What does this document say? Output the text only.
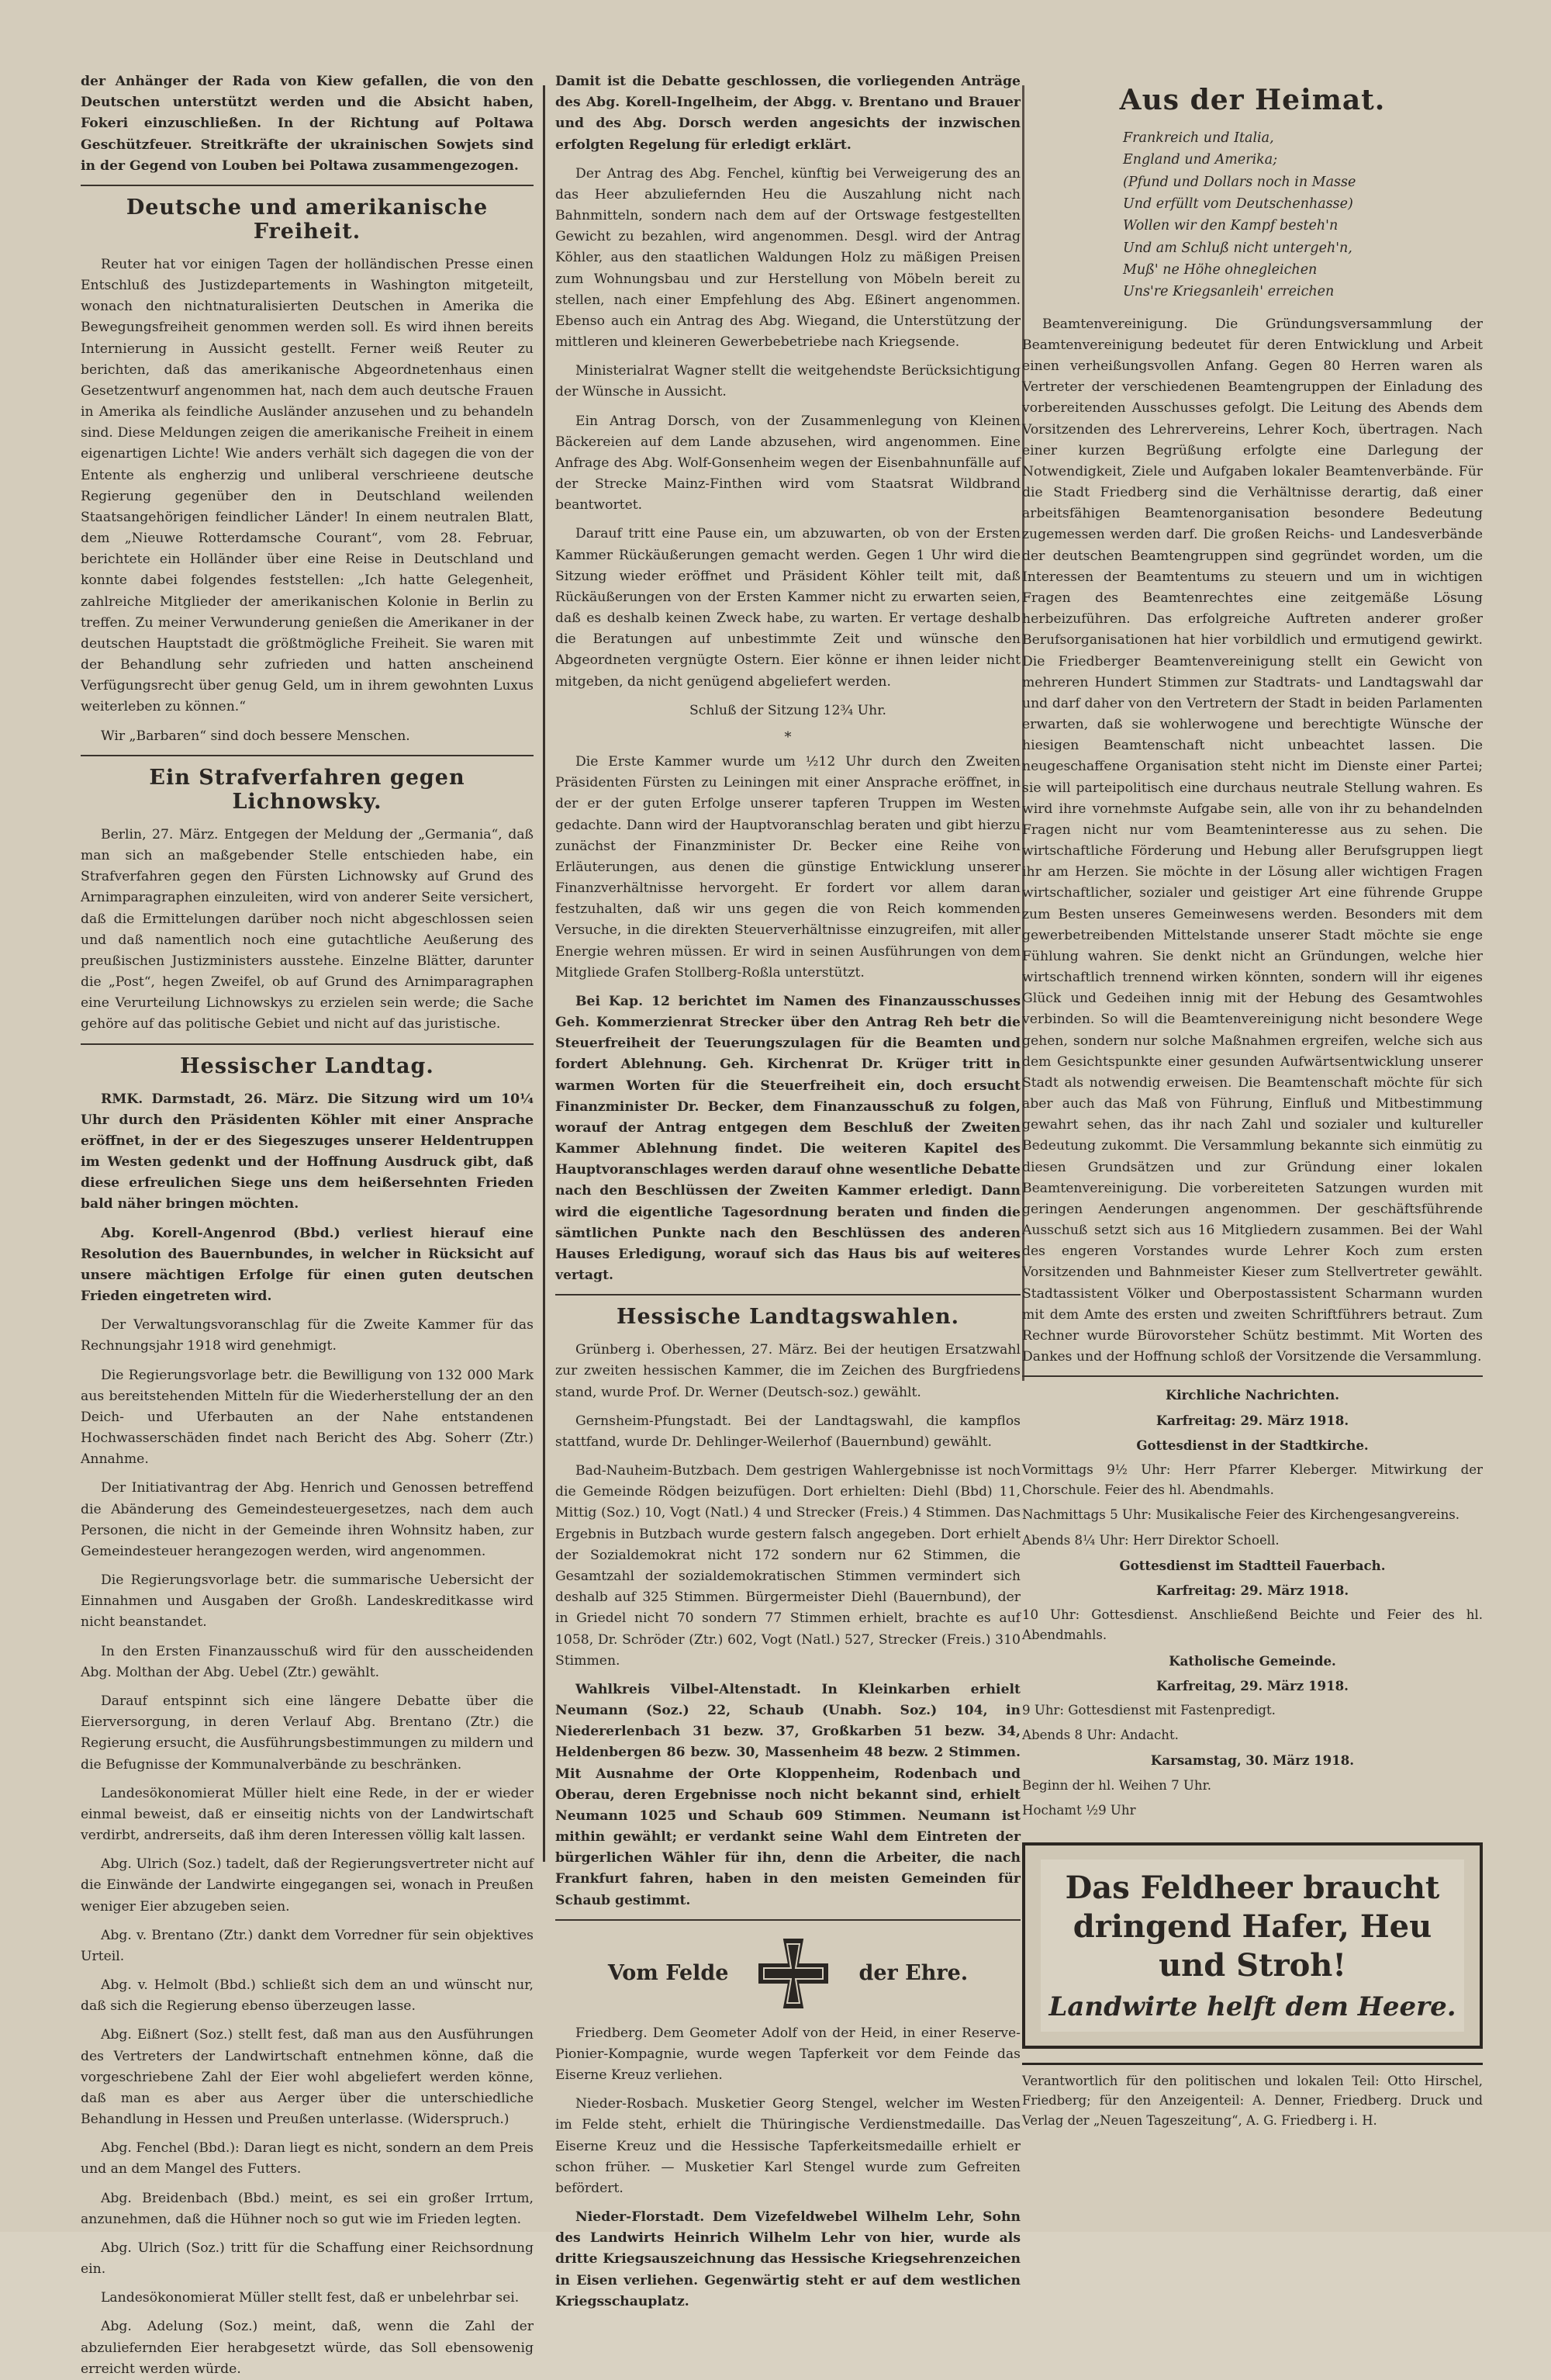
der Anhänger der Rada von Kiew gefallen, die von den Deutschen unterstützt werden und die Absicht haben, Fokeri einzuschließen. In der Richtung auf Poltawa Geschützfeuer. Streitkräfte der ukrainischen Sowjets sind in der Gegend von Louben bei Poltawa zusammengezogen.

Deutsche und amerikanische Freiheit.

Reuter hat vor einigen Tagen der holländischen Presse einen Entschluß des Justizdepartements in Washington mitgeteilt, wonach den nichtnaturalisierten Deutschen in Amerika die Bewegungsfreiheit genommen werden soll. Es wird ihnen bereits Internierung in Aussicht gestellt. Ferner weiß Reuter zu berichten, daß das amerikanische Abgeordnetenhaus einen Gesetzentwurf angenommen hat, nach dem auch deutsche Frauen in Amerika als feindliche Ausländer anzusehen und zu behandeln sind. Diese Meldungen zeigen die amerikanische Freiheit in einem eigenartigen Lichte! Wie anders verhält sich dagegen die von der Entente als engherzig und unliberal verschrieene deutsche Regierung gegenüber den in Deutschland weilenden Staatsangehörigen feindlicher Länder! In einem neutralen Blatt, dem „Nieuwe Rotterdamsche Courant“, vom 28. Februar, berichtete ein Holländer über eine Reise in Deutschland und konnte dabei folgendes feststellen: „Ich hatte Gelegenheit, zahlreiche Mitglieder der amerikanischen Kolonie in Berlin zu treffen. Zu meiner Verwunderung genießen die Amerikaner in der deutschen Hauptstadt die größtmögliche Freiheit. Sie waren mit der Behandlung sehr zufrieden und hatten anscheinend Verfügungsrecht über genug Geld, um in ihrem gewohnten Luxus weiterleben zu können.“

Wir „Barbaren“ sind doch bessere Menschen.

Ein Strafverfahren gegen Lichnowsky.

Berlin, 27. März. Entgegen der Meldung der „Germania“, daß man sich an maßgebender Stelle entschieden habe, ein Strafverfahren gegen den Fürsten Lichnowsky auf Grund des Arnimparagraphen einzuleiten, wird von anderer Seite versichert, daß die Ermittelungen darüber noch nicht abgeschlossen seien und daß namentlich noch eine gutachtliche Aeußerung des preußischen Justizministers ausstehe. Einzelne Blätter, darunter die „Post“, hegen Zweifel, ob auf Grund des Arnimparagraphen eine Verurteilung Lichnowskys zu erzielen sein werde; die Sache gehöre auf das politische Gebiet und nicht auf das juristische.

Hessischer Landtag.

RMK. Darmstadt, 26. März. Die Sitzung wird um 10¼ Uhr durch den Präsidenten Köhler mit einer Ansprache eröffnet, in der er des Siegeszuges unserer Heldentruppen im Westen gedenkt und der Hoffnung Ausdruck gibt, daß diese erfreulichen Siege uns dem heißersehnten Frieden bald näher bringen möchten.

Abg. Korell-Angenrod (Bbd.) verliest hierauf eine Resolution des Bauernbundes, in welcher in Rücksicht auf unsere mächtigen Erfolge für einen guten deutschen Frieden eingetreten wird.

Der Verwaltungsvoranschlag für die Zweite Kammer für das Rechnungsjahr 1918 wird genehmigt.

Die Regierungsvorlage betr. die Bewilligung von 132 000 Mark aus bereitstehenden Mitteln für die Wiederherstellung der an den Deich- und Uferbauten an der Nahe entstandenen Hochwasserschäden findet nach Bericht des Abg. Soherr (Ztr.) Annahme.

Der Initiativantrag der Abg. Henrich und Genossen betreffend die Abänderung des Gemeindesteuergesetzes, nach dem auch Personen, die nicht in der Gemeinde ihren Wohnsitz haben, zur Gemeindesteuer herangezogen werden, wird angenommen.

Die Regierungsvorlage betr. die summarische Uebersicht der Einnahmen und Ausgaben der Großh. Landeskreditkasse wird nicht beanstandet.

In den Ersten Finanzausschuß wird für den ausscheidenden Abg. Molthan der Abg. Uebel (Ztr.) gewählt.

Darauf entspinnt sich eine längere Debatte über die Eierversorgung, in deren Verlauf Abg. Brentano (Ztr.) die Regierung ersucht, die Ausführungsbestimmungen zu mildern und die Befugnisse der Kommunalverbände zu beschränken.

Landesökonomierat Müller hielt eine Rede, in der er wieder einmal beweist, daß er einseitig nichts von der Landwirtschaft verdirbt, andrerseits, daß ihm deren Interessen völlig kalt lassen.

Abg. Ulrich (Soz.) tadelt, daß der Regierungsvertreter nicht auf die Einwände der Landwirte eingegangen sei, wonach in Preußen weniger Eier abzugeben seien.

Abg. v. Brentano (Ztr.) dankt dem Vorredner für sein objektives Urteil.

Abg. v. Helmolt (Bbd.) schließt sich dem an und wünscht nur, daß sich die Regierung ebenso überzeugen lasse.

Abg. Eißnert (Soz.) stellt fest, daß man aus den Ausführungen des Vertreters der Landwirtschaft entnehmen könne, daß die vorgeschriebene Zahl der Eier wohl abgeliefert werden könne, daß man es aber aus Aerger über die unterschiedliche Behandlung in Hessen und Preußen unterlasse. (Widerspruch.)

Abg. Fenchel (Bbd.): Daran liegt es nicht, sondern an dem Preis und an dem Mangel des Futters.

Abg. Breidenbach (Bbd.) meint, es sei ein großer Irrtum, anzunehmen, daß die Hühner noch so gut wie im Frieden legten.

Abg. Ulrich (Soz.) tritt für die Schaffung einer Reichsordnung ein.

Landesökonomierat Müller stellt fest, daß er unbelehrbar sei.

Abg. Adelung (Soz.) meint, daß, wenn die Zahl der abzuliefernden Eier herabgesetzt würde, das Soll ebensowenig erreicht werden würde.

Damit ist die Debatte geschlossen, die vorliegenden Anträge des Abg. Korell-Ingelheim, der Abgg. v. Brentano und Brauer und des Abg. Dorsch werden angesichts der inzwischen erfolgten Regelung für erledigt erklärt.

Der Antrag des Abg. Fenchel, künftig bei Verweigerung des an das Heer abzuliefernden Heu die Auszahlung nicht nach Bahnmitteln, sondern nach dem auf der Ortswage festgestellten Gewicht zu bezahlen, wird angenommen. Desgl. wird der Antrag Köhler, aus den staatlichen Waldungen Holz zu mäßigen Preisen zum Wohnungsbau und zur Herstellung von Möbeln bereit zu stellen, nach einer Empfehlung des Abg. Eßinert angenommen. Ebenso auch ein Antrag des Abg. Wiegand, die Unterstützung der mittleren und kleineren Gewerbebetriebe nach Kriegsende.

Ministerialrat Wagner stellt die weitgehendste Berücksichtigung der Wünsche in Aussicht.

Ein Antrag Dorsch, von der Zusammenlegung von Kleinen Bäckereien auf dem Lande abzusehen, wird angenommen. Eine Anfrage des Abg. Wolf-Gonsenheim wegen der Eisenbahnunfälle auf der Strecke Mainz-Finthen wird vom Staatsrat Wildbrand beantwortet.

Darauf tritt eine Pause ein, um abzuwarten, ob von der Ersten Kammer Rückäußerungen gemacht werden. Gegen 1 Uhr wird die Sitzung wieder eröffnet und Präsident Köhler teilt mit, daß Rückäußerungen von der Ersten Kammer nicht zu erwarten seien, daß es deshalb keinen Zweck habe, zu warten. Er vertage deshalb die Beratungen auf unbestimmte Zeit und wünsche den Abgeordneten vergnügte Ostern. Eier könne er ihnen leider nicht mitgeben, da nicht genügend abgeliefert werden.

Schluß der Sitzung 12¾ Uhr.

*

Die Erste Kammer wurde um ½12 Uhr durch den Zweiten Präsidenten Fürsten zu Leiningen mit einer Ansprache eröffnet, in der er der guten Erfolge unserer tapferen Truppen im Westen gedachte. Dann wird der Hauptvoranschlag beraten und gibt hierzu zunächst der Finanzminister Dr. Becker eine Reihe von Erläuterungen, aus denen die günstige Entwicklung unserer Finanzverhältnisse hervorgeht. Er fordert vor allem daran festzuhalten, daß wir uns gegen die von Reich kommenden Versuche, in die direkten Steuerverhältnisse einzugreifen, mit aller Energie wehren müssen. Er wird in seinen Ausführungen von dem Mitgliede Grafen Stollberg-Roßla unterstützt.

Bei Kap. 12 berichtet im Namen des Finanzausschusses Geh. Kommerzienrat Strecker über den Antrag Reh betr die Steuerfreiheit der Teuerungszulagen für die Beamten und fordert Ablehnung. Geh. Kirchenrat Dr. Krüger tritt in warmen Worten für die Steuerfreiheit ein, doch ersucht Finanzminister Dr. Becker, dem Finanzausschuß zu folgen, worauf der Antrag entgegen dem Beschluß der Zweiten Kammer Ablehnung findet. Die weiteren Kapitel des Hauptvoranschlages werden darauf ohne wesentliche Debatte nach den Beschlüssen der Zweiten Kammer erledigt. Dann wird die eigentliche Tagesordnung beraten und finden die sämtlichen Punkte nach den Beschlüssen des anderen Hauses Erledigung, worauf sich das Haus bis auf weiteres vertagt.

Hessische Landtagswahlen.

Grünberg i. Oberhessen, 27. März. Bei der heutigen Ersatzwahl zur zweiten hessischen Kammer, die im Zeichen des Burgfriedens stand, wurde Prof. Dr. Werner (Deutsch-soz.) gewählt.

Gernsheim-Pfungstadt. Bei der Landtagswahl, die kampflos stattfand, wurde Dr. Dehlinger-Weilerhof (Bauernbund) gewählt.

Bad-Nauheim-Butzbach. Dem gestrigen Wahlergebnisse ist noch die Gemeinde Rödgen beizufügen. Dort erhielten: Diehl (Bbd) 11, Mittig (Soz.) 10, Vogt (Natl.) 4 und Strecker (Freis.) 4 Stimmen. Das Ergebnis in Butzbach wurde gestern falsch angegeben. Dort erhielt der Sozialdemokrat nicht 172 sondern nur 62 Stimmen, die Gesamtzahl der sozialdemokratischen Stimmen vermindert sich deshalb auf 325 Stimmen. Bürgermeister Diehl (Bauernbund), der in Griedel nicht 70 sondern 77 Stimmen erhielt, brachte es auf 1058, Dr. Schröder (Ztr.) 602, Vogt (Natl.) 527, Strecker (Freis.) 310 Stimmen.

Wahlkreis Vilbel-Altenstadt. In Kleinkarben erhielt Neumann (Soz.) 22, Schaub (Unabh. Soz.) 104, in Niedererlenbach 31 bezw. 37, Großkarben 51 bezw. 34, Heldenbergen 86 bezw. 30, Massenheim 48 bezw. 2 Stimmen. Mit Ausnahme der Orte Kloppenheim, Rodenbach und Oberau, deren Ergebnisse noch nicht bekannt sind, erhielt Neumann 1025 und Schaub 609 Stimmen. Neumann ist mithin gewählt; er verdankt seine Wahl dem Eintreten der bürgerlichen Wähler für ihn, denn die Arbeiter, die nach Frankfurt fahren, haben in den meisten Gemeinden für Schaub gestimmt.

Vom Felde	der Ehre.

Friedberg. Dem Geometer Adolf von der Heid, in einer Reserve-Pionier-Kompagnie, wurde wegen Tapferkeit vor dem Feinde das Eiserne Kreuz verliehen.

Nieder-Rosbach. Musketier Georg Stengel, welcher im Westen im Felde steht, erhielt die Thüringische Verdienstmedaille. Das Eiserne Kreuz und die Hessische Tapferkeitsmedaille erhielt er schon früher. — Musketier Karl Stengel wurde zum Gefreiten befördert.

Nieder-Florstadt. Dem Vizefeldwebel Wilhelm Lehr, Sohn des Landwirts Heinrich Wilhelm Lehr von hier, wurde als dritte Kriegsauszeichnung das Hessische Kriegsehrenzeichen in Eisen verliehen. Gegenwärtig steht er auf dem westlichen Kriegsschauplatz.

Aus der Heimat.
Frankreich und Italia,
England und Amerika;
(Pfund und Dollars noch in Masse
Und erfüllt vom Deutschenhasse)
Wollen wir den Kampf besteh'n
Und am Schluß nicht untergeh'n,
Muß' ne Höhe ohnegleichen
Uns're Kriegsanleih' erreichen

Beamtenvereinigung. Die Gründungsversammlung der Beamtenvereinigung bedeutet für deren Entwicklung und Arbeit einen verheißungsvollen Anfang. Gegen 80 Herren waren als Vertreter der verschiedenen Beamtengruppen der Einladung des vorbereitenden Ausschusses gefolgt. Die Leitung des Abends dem Vorsitzenden des Lehrervereins, Lehrer Koch, übertragen. Nach einer kurzen Begrüßung erfolgte eine Darlegung der Notwendigkeit, Ziele und Aufgaben lokaler Beamtenverbände. Für die Stadt Friedberg sind die Verhältnisse derartig, daß einer arbeitsfähigen Beamtenorganisation besondere Bedeutung zugemessen werden darf. Die großen Reichs- und Landesverbände der deutschen Beamtengruppen sind gegründet worden, um die Interessen der Beamtentums zu steuern und um in wichtigen Fragen des Beamtenrechtes eine zeitgemäße Lösung herbeizuführen. Das erfolgreiche Auftreten anderer großer Berufsorganisationen hat hier vorbildlich und ermutigend gewirkt. Die Friedberger Beamtenvereinigung stellt ein Gewicht von mehreren Hundert Stimmen zur Stadtrats- und Landtagswahl dar und darf daher von den Vertretern der Stadt in beiden Parlamenten erwarten, daß sie wohlerwogene und berechtigte Wünsche der hiesigen Beamtenschaft nicht unbeachtet lassen. Die neugeschaffene Organisation steht nicht im Dienste einer Partei; sie will parteipolitisch eine durchaus neutrale Stellung wahren. Es wird ihre vornehmste Aufgabe sein, alle von ihr zu behandelnden Fragen nicht nur vom Beamteninteresse aus zu sehen. Die wirtschaftliche Förderung und Hebung aller Berufsgruppen liegt ihr am Herzen. Sie möchte in der Lösung aller wichtigen Fragen wirtschaftlicher, sozialer und geistiger Art eine führende Gruppe zum Besten unseres Gemeinwesens werden. Besonders mit dem gewerbetreibenden Mittelstande unserer Stadt möchte sie enge Fühlung wahren. Sie denkt nicht an Gründungen, welche hier wirtschaftlich trennend wirken könnten, sondern will ihr eigenes Glück und Gedeihen innig mit der Hebung des Gesamtwohles verbinden. So will die Beamtenvereinigung nicht besondere Wege gehen, sondern nur solche Maßnahmen ergreifen, welche sich aus dem Gesichtspunkte einer gesunden Aufwärtsentwicklung unserer Stadt als notwendig erweisen. Die Beamtenschaft möchte für sich aber auch das Maß von Führung, Einfluß und Mitbestimmung gewahrt sehen, das ihr nach Zahl und sozialer und kultureller Bedeutung zukommt. Die Versammlung bekannte sich einmütig zu diesen Grundsätzen und zur Gründung einer lokalen Beamtenvereinigung. Die vorbereiteten Satzungen wurden mit geringen Aenderungen angenommen. Der geschäftsführende Ausschuß setzt sich aus 16 Mitgliedern zusammen. Bei der Wahl des engeren Vorstandes wurde Lehrer Koch zum ersten Vorsitzenden und Bahnmeister Kieser zum Stellvertreter gewählt. Stadtassistent Völker und Oberpostassistent Scharmann wurden mit dem Amte des ersten und zweiten Schriftführers betraut. Zum Rechner wurde Bürovorsteher Schütz bestimmt. Mit Worten des Dankes und der Hoffnung schloß der Vorsitzende die Versammlung.

Kirchliche Nachrichten.

Karfreitag: 29. März 1918.

Gottesdienst in der Stadtkirche.

Vormittags 9½ Uhr: Herr Pfarrer Kleberger. Mitwirkung der Chorschule. Feier des hl. Abendmahls.

Nachmittags 5 Uhr: Musikalische Feier des Kirchengesangvereins.

Abends 8¼ Uhr: Herr Direktor Schoell.

Gottesdienst im Stadtteil Fauerbach.

Karfreitag: 29. März 1918.

10 Uhr: Gottesdienst. Anschließend Beichte und Feier des hl. Abendmahls.

Katholische Gemeinde.

Karfreitag, 29. März 1918.

9 Uhr: Gottesdienst mit Fastenpredigt.

Abends 8 Uhr: Andacht.

Karsamstag, 30. März 1918.

Beginn der hl. Weihen 7 Uhr.

Hochamt ½9 Uhr

Das Feldheer braucht
dringend Hafer, Heu
und Stroh!
Landwirte helft dem Heere.

Verantwortlich für den politischen und lokalen Teil: Otto Hirschel, Friedberg; für den Anzeigenteil: A. Denner, Friedberg. Druck und Verlag der „Neuen Tageszeitung“, A. G. Friedberg i. H.
